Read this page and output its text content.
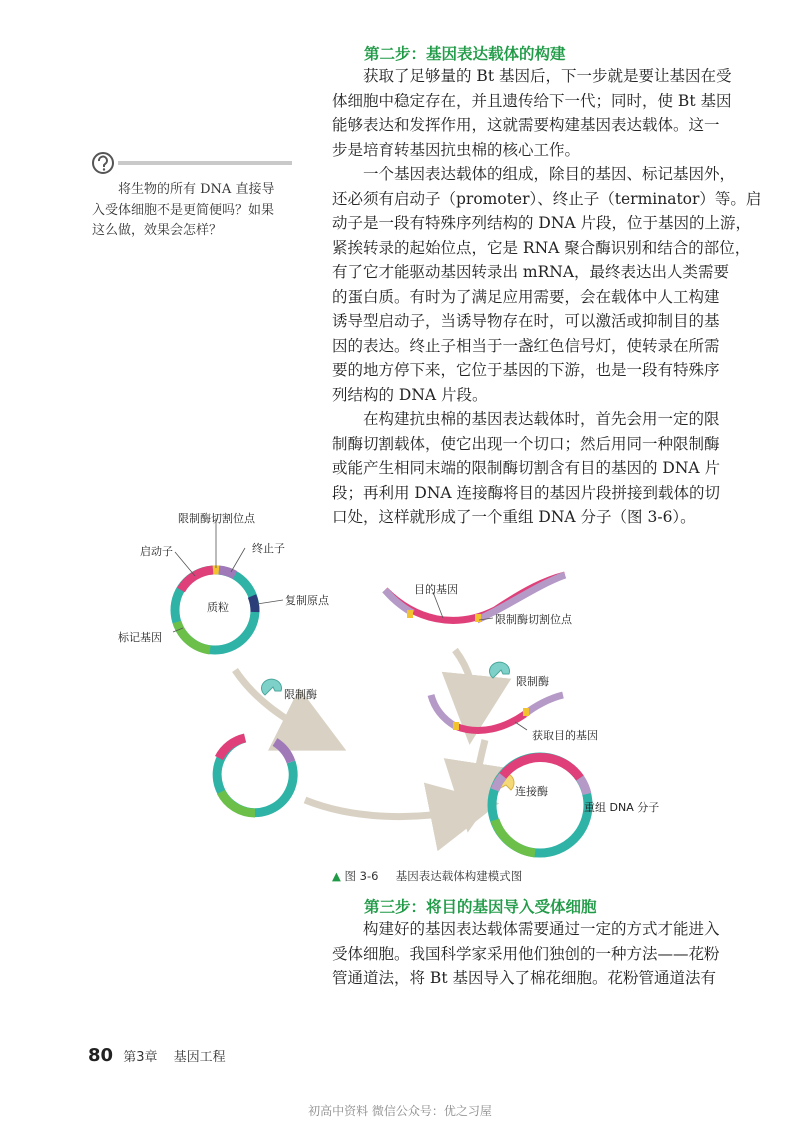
第二步：基因表达载体的构建

　　获取了足够量的 Bt 基因后，下一步就是要让基因在受
体细胞中稳定存在，并且遗传给下一代；同时，使 Bt 基因
能够表达和发挥作用，这就需要构建基因表达载体。这一
步是培育转基因抗虫棉的核心工作。

　　一个基因表达载体的组成，除目的基因、标记基因外，
还必须有启动子（promoter）、终止子（terminator）等。启
动子是一段有特殊序列结构的 DNA 片段，位于基因的上游，
紧挨转录的起始位点，它是 RNA 聚合酶识别和结合的部位，
有了它才能驱动基因转录出 mRNA，最终表达出人类需要
的蛋白质。有时为了满足应用需要，会在载体中人工构建
诱导型启动子，当诱导物存在时，可以激活或抑制目的基
因的表达。终止子相当于一盏红色信号灯，使转录在所需
要的地方停下来，它位于基因的下游，也是一段有特殊序
列结构的 DNA 片段。

　　在构建抗虫棉的基因表达载体时，首先会用一定的限
制酶切割载体，使它出现一个切口；然后用同一种限制酶
或能产生相同末端的限制酶切割含有目的基因的 DNA 片
段；再利用 DNA 连接酶将目的基因片段拼接到载体的切
口处，这样就形成了一个重组 DNA 分子（图 3-6）。

　　将生物的所有 DNA 直接导
入受体细胞不是更简便吗？如果
这么做，效果会怎样？
限制酶切割位点
启动子	终止子
质粒
复制原点
标记基因
目的基因
限制酶切割位点
限制酶
限制酶
获取目的基因
连接酶
重组 DNA 分子
▲ 图 3-6 基因表达载体构建模式图
第三步：将目的基因导入受体细胞
　　构建好的基因表达载体需要通过一定的方式才能进入
受体细胞。我国科学家采用他们独创的一种方法——花粉
管通道法，将 Bt 基因导入了棉花细胞。花粉管通道法有
80 第3章 基因工程
初高中资料 微信公众号：优之习屋
